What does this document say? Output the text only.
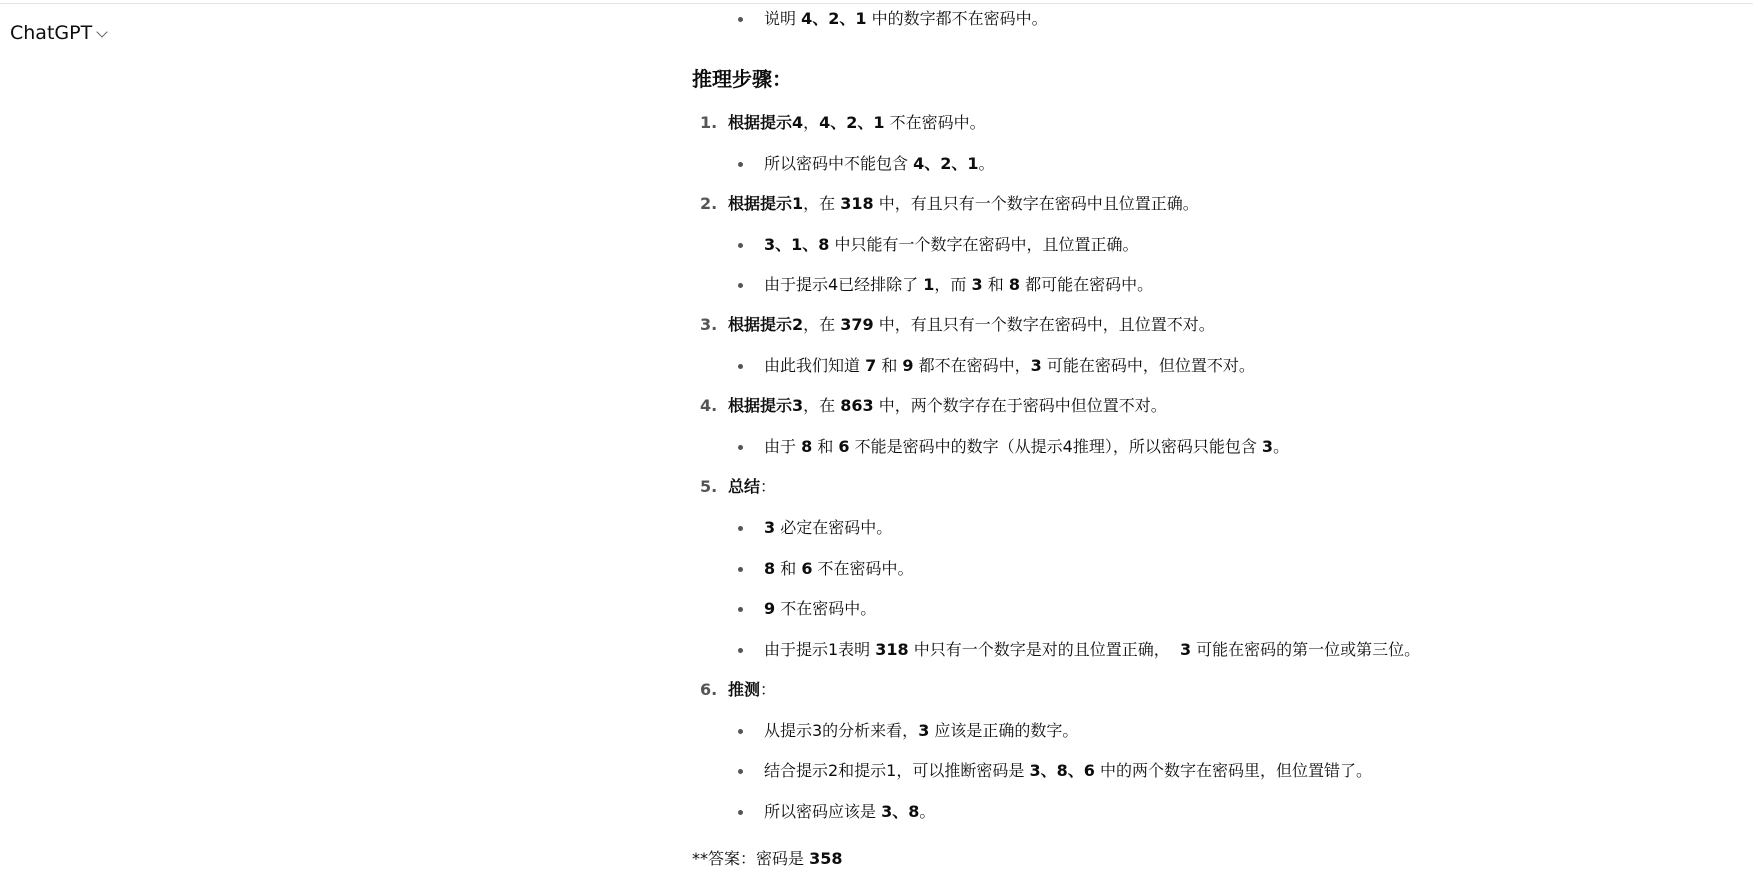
ChatGPT
说明 4、2、1 中的数字都不在密码中。
推理步骤：
1. 根据提示4，4、2、1 不在密码中。
所以密码中不能包含 4、2、1。
2. 根据提示1，在 318 中，有且只有一个数字在密码中且位置正确。
3、1、8 中只能有一个数字在密码中，且位置正确。
由于提示4已经排除了 1，而 3 和 8 都可能在密码中。
3. 根据提示2，在 379 中，有且只有一个数字在密码中，且位置不对。
由此我们知道 7 和 9 都不在密码中，3 可能在密码中，但位置不对。
4. 根据提示3，在 863 中，两个数字存在于密码中但位置不对。
由于 8 和 6 不能是密码中的数字（从提示4推理），所以密码只能包含 3。
5. 总结：
3 必定在密码中。
8 和 6 不在密码中。
9 不在密码中。
由于提示1表明 318 中只有一个数字是对的且位置正确，  3 可能在密码的第一位或第三位。
6. 推测：
从提示3的分析来看，3 应该是正确的数字。
结合提示2和提示1，可以推断密码是 3、8、6 中的两个数字在密码里，但位置错了。
所以密码应该是 3、8。
**答案：密码是 358
